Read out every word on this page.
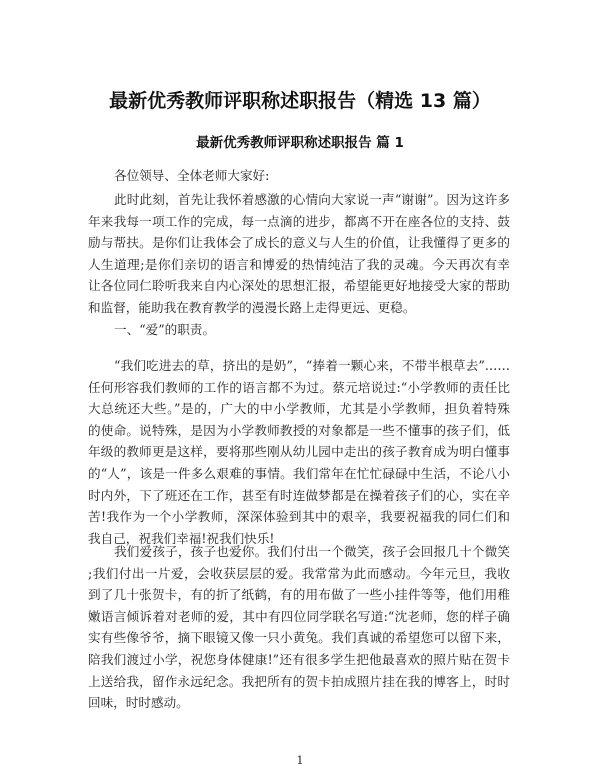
最新优秀教师评职称述职报告（精选 13 篇）
最新优秀教师评职称述职报告 篇 1
各位领导、全体老师大家好:
此时此刻，首先让我怀着感激的心情向大家说一声“谢谢”。因为这许多
年来我每一项工作的完成，每一点滴的进步，都离不开在座各位的支持、鼓
励与帮扶。是你们让我体会了成长的意义与人生的价值，让我懂得了更多的
人生道理;是你们亲切的语言和博爱的热情纯洁了我的灵魂。今天再次有幸
让各位同仁聆听我来自内心深处的思想汇报，希望能更好地接受大家的帮助
和监督，能助我在教育教学的漫漫长路上走得更远、更稳。
一、“爱”的职责。
“我们吃进去的草，挤出的是奶”，“捧着一颗心来，不带半根草去”……
任何形容我们教师的工作的语言都不为过。蔡元培说过:“小学教师的责任比
大总统还大些。”是的，广大的中小学教师，尤其是小学教师，担负着特殊
的使命。说特殊，是因为小学教师教授的对象都是一些不懂事的孩子们，低
年级的教师更是这样，要将那些刚从幼儿园中走出的孩子教育成为明白懂事
的“人”，该是一件多么艰难的事情。我们常年在忙忙碌碌中生活，不论八小
时内外，下了班还在工作，甚至有时连做梦都是在操着孩子们的心，实在辛
苦!我作为一个小学教师，深深体验到其中的艰辛，我要祝福我的同仁们和
我自己，祝我们幸福!祝我们快乐!
我们爱孩子，孩子也爱你。我们付出一个微笑，孩子会回报几十个微笑
;我们付出一片爱，会收获层层的爱。我常常为此而感动。今年元旦，我收
到了几十张贺卡，有的折了纸鹤，有的用布做了一些小挂件等等，他们用稚
嫩语言倾诉着对老师的爱，其中有四位同学联名写道:“沈老师，您的样子确
实有些像爷爷，摘下眼镜又像一只小黄兔。我们真诚的希望您可以留下来，
陪我们渡过小学，祝您身体健康!”还有很多学生把他最喜欢的照片贴在贺卡
上送给我，留作永远纪念。我把所有的贺卡拍成照片挂在我的博客上，时时
回味，时时感动。
1
